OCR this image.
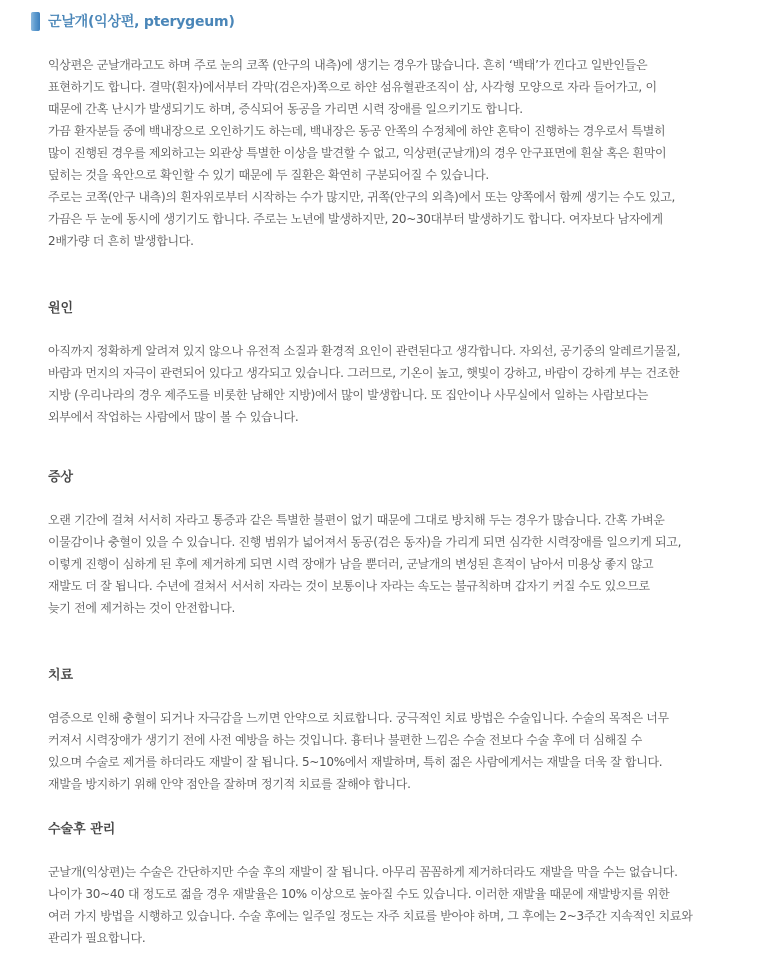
군날개(익상편, pterygeum)

익상편은 군날개라고도 하며 주로 눈의 코쪽 (안구의 내측)에 생기는 경우가 많습니다. 흔히 ‘백태’가 낀다고 일반인들은
표현하기도 합니다. 결막(흰자)에서부터 각막(검은자)쪽으로 하얀 섬유혈관조직이 삼, 사각형 모양으로 자라 들어가고, 이
때문에 간혹 난시가 발생되기도 하며, 증식되어 동공을 가리면 시력 장애를 일으키기도 합니다.
가끔 환자분들 중에 백내장으로 오인하기도 하는데, 백내장은 동공 안쪽의 수정체에 하얀 혼탁이 진행하는 경우로서 특별히
많이 진행된 경우를 제외하고는 외관상 특별한 이상을 발견할 수 없고, 익상편(군날개)의 경우 안구표면에 흰살 혹은 흰막이
덮히는 것을 육안으로 확인할 수 있기 때문에 두 질환은 확연히 구분되어질 수 있습니다.
주로는 코쪽(안구 내측)의 흰자위로부터 시작하는 수가 많지만, 귀쪽(안구의 외측)에서 또는 양쪽에서 함께 생기는 수도 있고,
가끔은 두 눈에 동시에 생기기도 합니다. 주로는 노년에 발생하지만, 20~30대부터 발생하기도 합니다. 여자보다 남자에게
2배가량 더 흔히 발생합니다.

원인

아직까지 정확하게 알려져 있지 않으나 유전적 소질과 환경적 요인이 관련된다고 생각합니다. 자외선, 공기중의 알레르기물질,
바람과 먼지의 자극이 관련되어 있다고 생각되고 있습니다. 그러므로, 기온이 높고, 햇빛이 강하고, 바람이 강하게 부는 건조한
지방 (우리나라의 경우 제주도를 비롯한 남해안 지방)에서 많이 발생합니다. 또 집안이나 사무실에서 일하는 사람보다는
외부에서 작업하는 사람에서 많이 볼 수 있습니다.

증상

오랜 기간에 걸쳐 서서히 자라고 통증과 같은 특별한 불편이 없기 때문에 그대로 방치해 두는 경우가 많습니다. 간혹 가벼운
이물감이나 충혈이 있을 수 있습니다. 진행 범위가 넓어져서 동공(검은 동자)을 가리게 되면 심각한 시력장애를 일으키게 되고,
이렇게 진행이 심하게 된 후에 제거하게 되면 시력 장애가 남을 뿐더러, 군날개의 변성된 흔적이 남아서 미용상 좋지 않고
재발도 더 잘 됩니다. 수년에 걸쳐서 서서히 자라는 것이 보통이나 자라는 속도는 불규칙하며 갑자기 커질 수도 있으므로
늦기 전에 제거하는 것이 안전합니다.

치료

염증으로 인해 충혈이 되거나 자극감을 느끼면 안약으로 치료합니다. 궁극적인 치료 방법은 수술입니다. 수술의 목적은 너무
커져서 시력장애가 생기기 전에 사전 예방을 하는 것입니다. 흉터나 불편한 느낌은 수술 전보다 수술 후에 더 심해질 수
있으며 수술로 제거를 하더라도 재발이 잘 됩니다. 5~10%에서 재발하며, 특히 젊은 사람에게서는 재발을 더욱 잘 합니다.
재발을 방지하기 위해 안약 점안을 잘하며 정기적 치료를 잘해야 합니다.

수술후 관리

군날개(익상편)는 수술은 간단하지만 수술 후의 재발이 잘 됩니다. 아무리 꼼꼼하게 제거하더라도 재발을 막을 수는 없습니다.
나이가 30~40 대 정도로 젊을 경우 재발율은 10% 이상으로 높아질 수도 있습니다. 이러한 재발율 때문에 재발방지를 위한
여러 가지 방법을 시행하고 있습니다. 수술 후에는 일주일 정도는 자주 치료를 받아야 하며, 그 후에는 2~3주간 지속적인 치료와
관리가 필요합니다.
